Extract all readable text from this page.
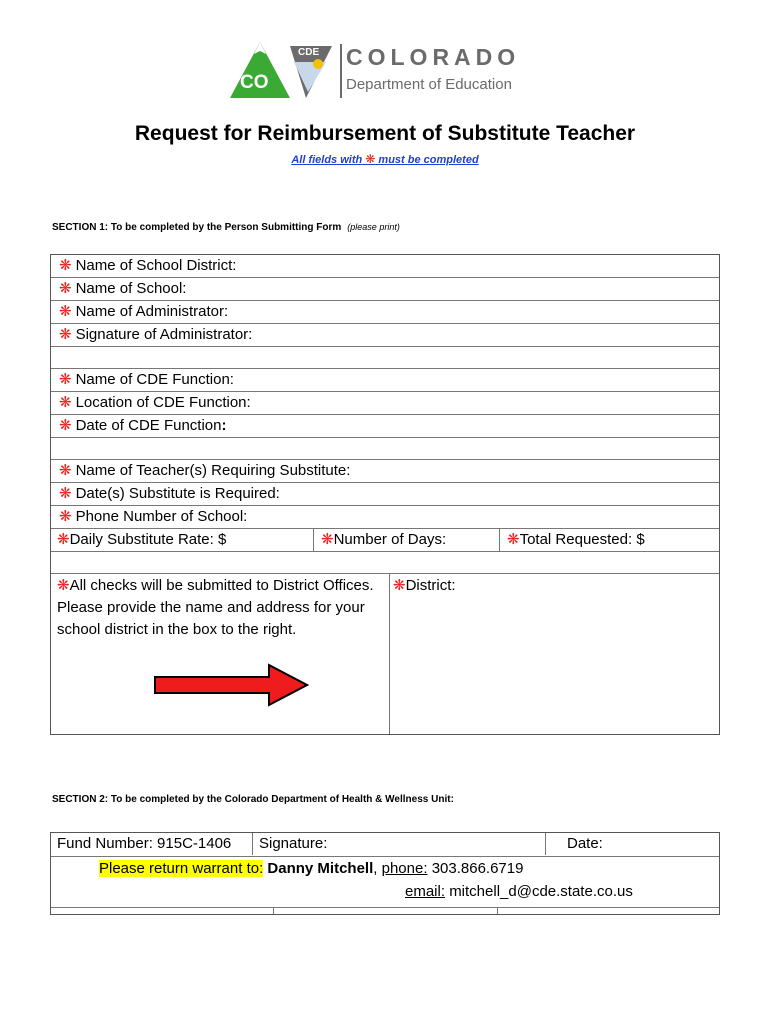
CDE
CO
COLORADO
Department of Education
Request for Reimbursement of Substitute Teacher
All fields with ❋ must be completed
SECTION 1: To be completed by the Person Submitting Form (please print)
❋ Name of School District:
❋ Name of School:
❋ Name of Administrator:
❋ Signature of Administrator:
❋ Name of CDE Function:
❋ Location of CDE Function:
❋ Date of CDE Function:
❋ Name of Teacher(s) Requiring Substitute:
❋ Date(s) Substitute is Required:
❋ Phone Number of School:
❋Daily Substitute Rate: $	❋Number of Days:	❋Total Requested: $
❋All checks will be submitted to District Offices. Please provide the name and address for your school district in the box to the right.
❋District:
SECTION 2: To be completed by the Colorado Department of Health & Wellness Unit:
Fund Number: 915C-1406	Signature:	Date:
Please return warrant to: Danny Mitchell, phone: 303.866.6719
email: mitchell_d@cde.state.co.us
